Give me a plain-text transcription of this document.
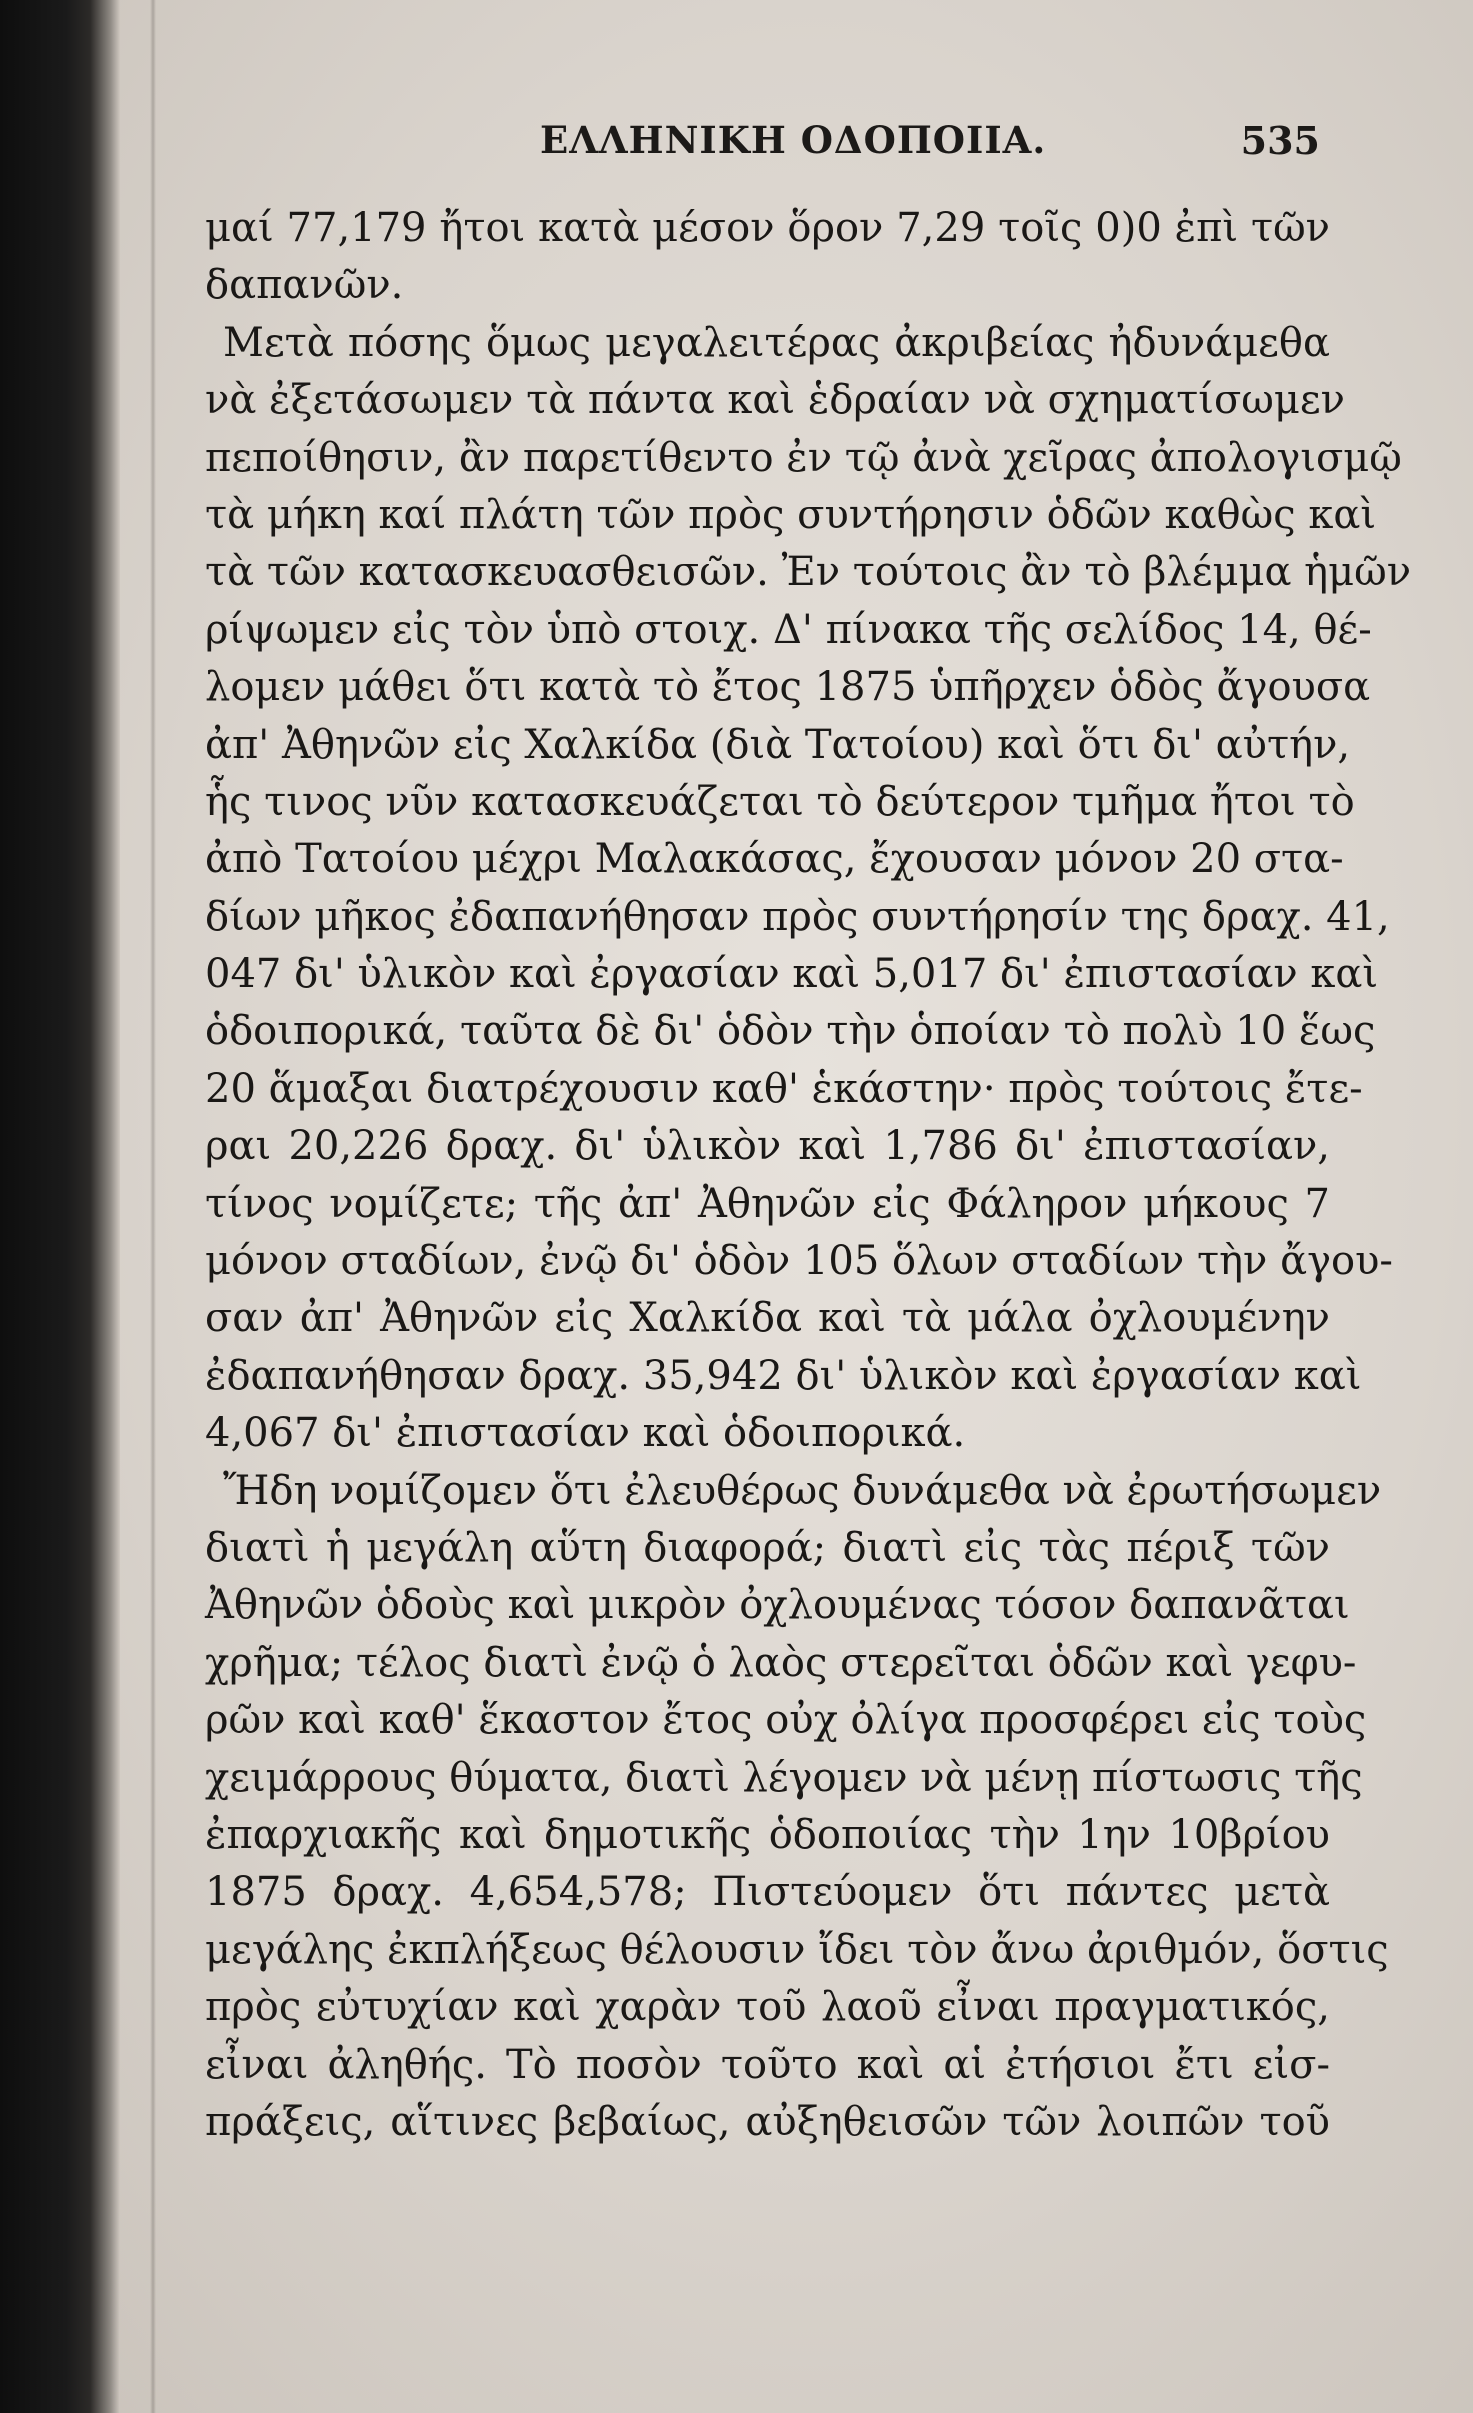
ΕΛΛΗΝΙΚΗ ΟΔΟΠΟΙΙΑ.	535
μαί 77,179 ἤτοι κατὰ μέσον ὅρον 7,29 τοῖς 0)0 ἐπὶ τῶν
δαπανῶν.
Μετὰ πόσης ὅμως μεγαλειτέρας ἀκριβείας ἠδυνάμεθα
νὰ ἐξετάσωμεν τὰ πάντα καὶ ἑδραίαν νὰ σχηματίσωμεν
πεποίθησιν, ἂν παρετίθεντο ἐν τῷ ἀνὰ χεῖρας ἀπολογισμῷ
τὰ μήκη καί πλάτη τῶν πρὸς συντήρησιν ὁδῶν καθὼς καὶ
τὰ τῶν κατασκευασθεισῶν. Ἐν τούτοις ἂν τὸ βλέμμα ἡμῶν
ρίψωμεν εἰς τὸν ὑπὸ στοιχ. Δ' πίνακα τῆς σελίδος 14, θέ-
λομεν μάθει ὅτι κατὰ τὸ ἔτος 1875 ὑπῆρχεν ὁδὸς ἄγουσα
ἀπ' Ἀθηνῶν εἰς Χαλκίδα (διὰ Τατοίου) καὶ ὅτι δι' αὐτήν,
ἧς τινος νῦν κατασκευάζεται τὸ δεύτερον τμῆμα ἤτοι τὸ
ἀπὸ Τατοίου μέχρι Μαλακάσας, ἔχουσαν μόνον 20 στα-
δίων μῆκος ἐδαπανήθησαν πρὸς συντήρησίν της δραχ. 41,
047 δι' ὑλικὸν καὶ ἐργασίαν καὶ 5,017 δι' ἐπιστασίαν καὶ
ὁδοιπορικά, ταῦτα δὲ δι' ὁδὸν τὴν ὁποίαν τὸ πολὺ 10 ἕως
20 ἅμαξαι διατρέχουσιν καθ' ἑκάστην· πρὸς τούτοις ἔτε-
ραι 20,226 δραχ. δι' ὑλικὸν καὶ 1,786 δι' ἐπιστασίαν,
τίνος νομίζετε; τῆς ἀπ' Ἀθηνῶν εἰς Φάληρον μήκους 7
μόνον σταδίων, ἐνῷ δι' ὁδὸν 105 ὅλων σταδίων τὴν ἄγου-
σαν ἀπ' Ἀθηνῶν εἰς Χαλκίδα καὶ τὰ μάλα ὀχλουμένην
ἐδαπανήθησαν δραχ. 35,942 δι' ὑλικὸν καὶ ἐργασίαν καὶ
4,067 δι' ἐπιστασίαν καὶ ὁδοιπορικά.
Ἤδη νομίζομεν ὅτι ἐλευθέρως δυνάμεθα νὰ ἐρωτήσωμεν
διατὶ ἡ μεγάλη αὕτη διαφορά; διατὶ εἰς τὰς πέριξ τῶν
Ἀθηνῶν ὁδοὺς καὶ μικρὸν ὀχλουμένας τόσον δαπανᾶται
χρῆμα; τέλος διατὶ ἐνῷ ὁ λαὸς στερεῖται ὁδῶν καὶ γεφυ-
ρῶν καὶ καθ' ἕκαστον ἔτος οὐχ ὀλίγα προσφέρει εἰς τοὺς
χειμάρρους θύματα, διατὶ λέγομεν νὰ μένῃ πίστωσις τῆς
ἐπαρχιακῆς καὶ δημοτικῆς ὁδοποιίας τὴν 1ην 10βρίου
1875 δραχ. 4,654,578; Πιστεύομεν ὅτι πάντες μετὰ
μεγάλης ἐκπλήξεως θέλουσιν ἴδει τὸν ἄνω ἀριθμόν, ὅστις
πρὸς εὐτυχίαν καὶ χαρὰν τοῦ λαοῦ εἶναι πραγματικός,
εἶναι ἀληθής. Τὸ ποσὸν τοῦτο καὶ αἱ ἐτήσιοι ἔτι εἰσ-
πράξεις, αἵτινες βεβαίως, αὐξηθεισῶν τῶν λοιπῶν τοῦ
